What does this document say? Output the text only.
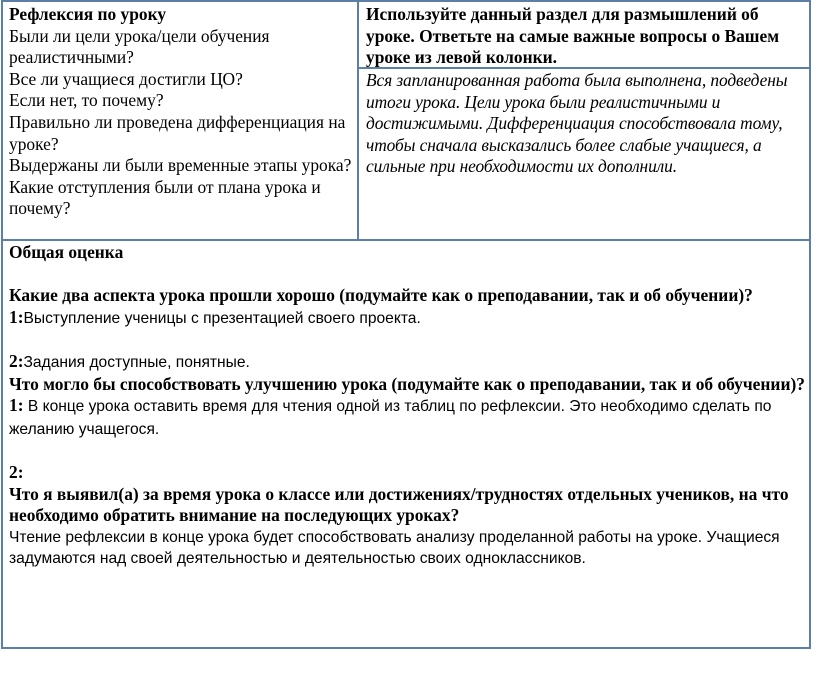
Рефлексия по уроку
Были ли цели урока/цели обучения реалистичными?
Все ли учащиеся достигли ЦО?
Если нет, то почему?
Правильно ли проведена дифференциация на уроке?
Выдержаны ли были временные этапы урока?
Какие отступления были от плана урока и почему?
Используйте данный раздел для размышлений об уроке. Ответьте на самые важные вопросы о Вашем уроке из левой колонки.
Вся запланированная работа была выполнена, подведены итоги урока. Цели урока были реалистичными и достижимыми. Дифференциация способствовала тому, чтобы сначала высказались более слабые учащиеся, а сильные при необходимости их дополнили.
Общая оценка
Какие два аспекта урока прошли хорошо (подумайте как о преподавании, так и об обучении)?
1:Выступление ученицы с презентацией своего проекта.
2:Задания доступные, понятные.
Что могло бы способствовать улучшению урока (подумайте как о преподавании, так и об обучении)?
1: В конце урока оставить время для чтения одной из таблиц по рефлексии. Это необходимо сделать по желанию учащегося.
2:
Что я выявил(а) за время урока о классе или достижениях/трудностях отдельных учеников, на что необходимо обратить внимание на последующих уроках?
Чтение рефлексии в конце урока будет способствовать анализу проделанной работы на уроке. Учащиеся задумаются над своей деятельностью и деятельностью своих одноклассников.
